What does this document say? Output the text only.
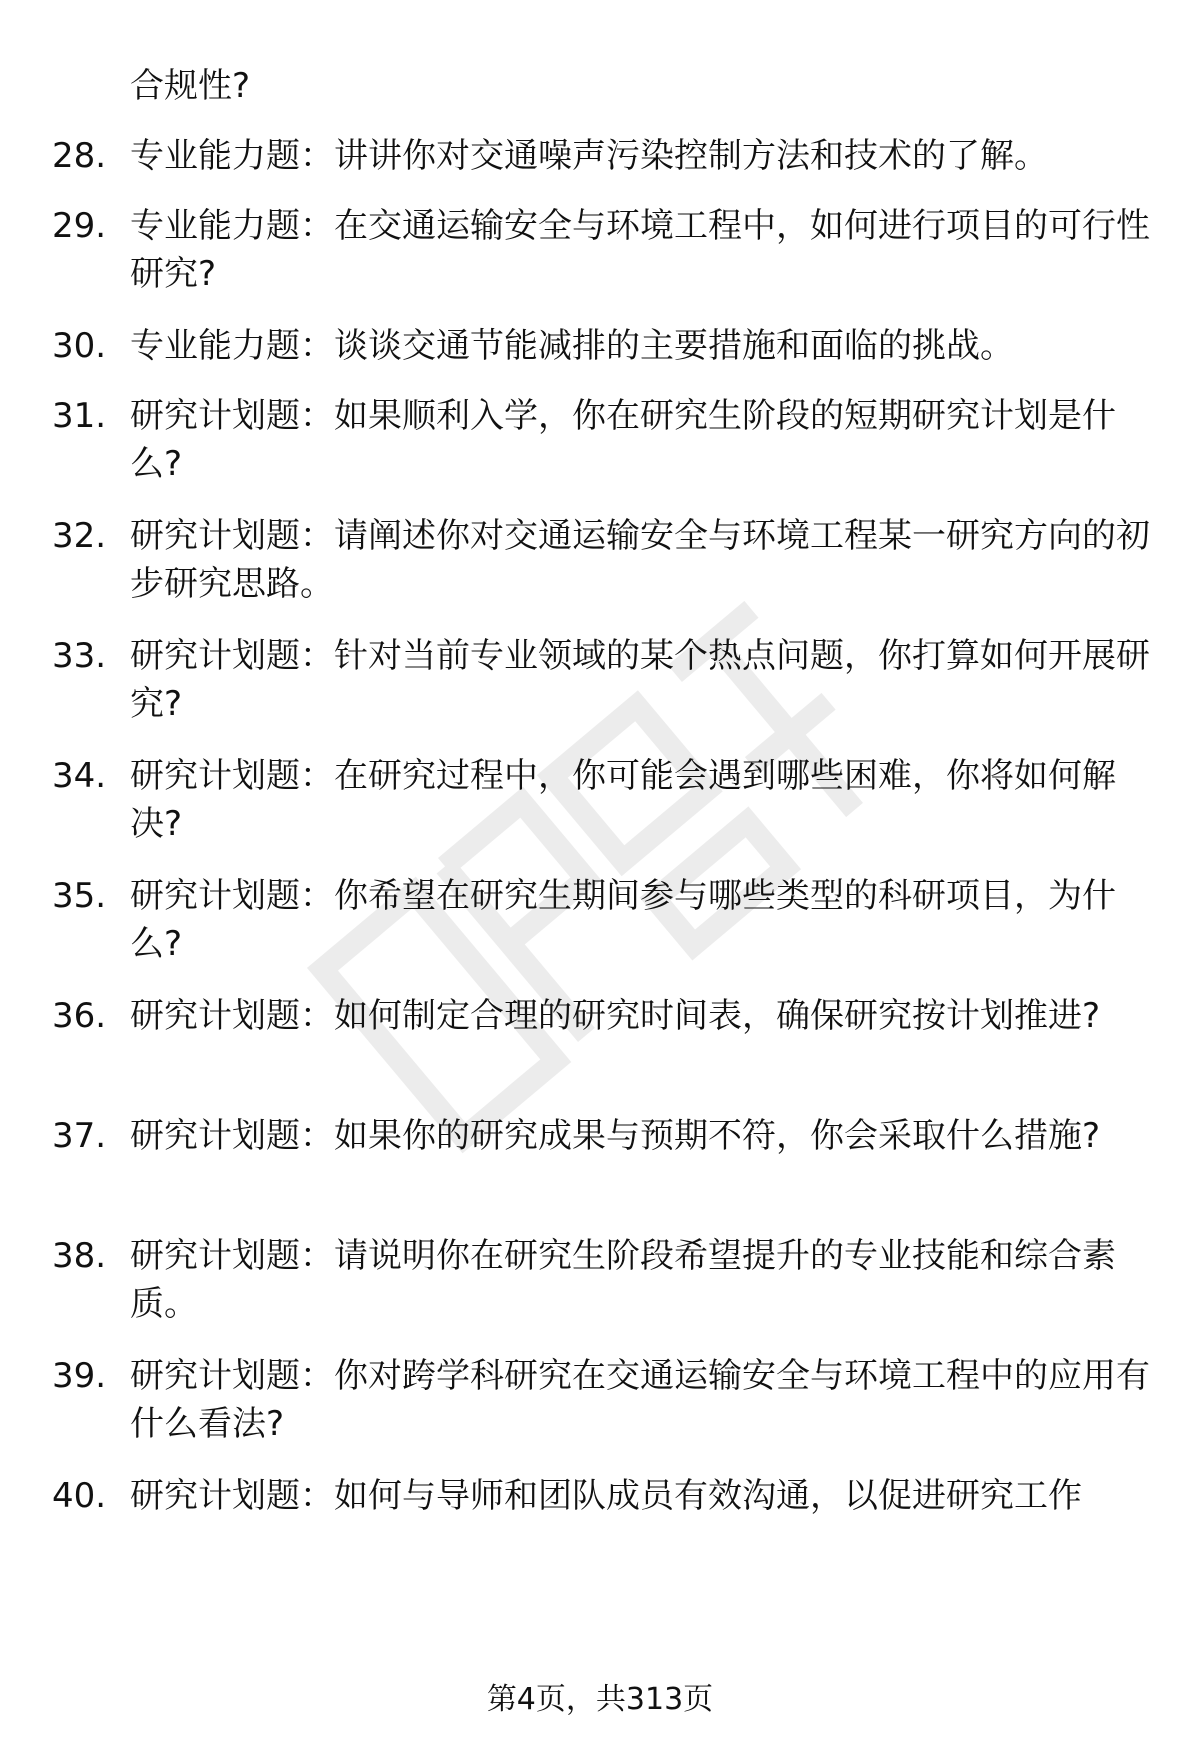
合规性?

28. 专业能力题：讲讲你对交通噪声污染控制方法和技术的了解。
29. 专业能力题：在交通运输安全与环境工程中，如何进行项目的可行性研究?
30. 专业能力题：谈谈交通节能减排的主要措施和面临的挑战。
31. 研究计划题：如果顺利入学，你在研究生阶段的短期研究计划是什么?
32. 研究计划题：请阐述你对交通运输安全与环境工程某一研究方向的初步研究思路。
33. 研究计划题：针对当前专业领域的某个热点问题，你打算如何开展研究?
34. 研究计划题：在研究过程中，你可能会遇到哪些困难，你将如何解决?
35. 研究计划题：你希望在研究生期间参与哪些类型的科研项目，为什么?
36. 研究计划题：如何制定合理的研究时间表，确保研究按计划推进?
37. 研究计划题：如果你的研究成果与预期不符，你会采取什么措施?
38. 研究计划题：请说明你在研究生阶段希望提升的专业技能和综合素质。
39. 研究计划题：你对跨学科研究在交通运输安全与环境工程中的应用有什么看法?
40. 研究计划题：如何与导师和团队成员有效沟通，以促进研究工作
第4页，共313页
